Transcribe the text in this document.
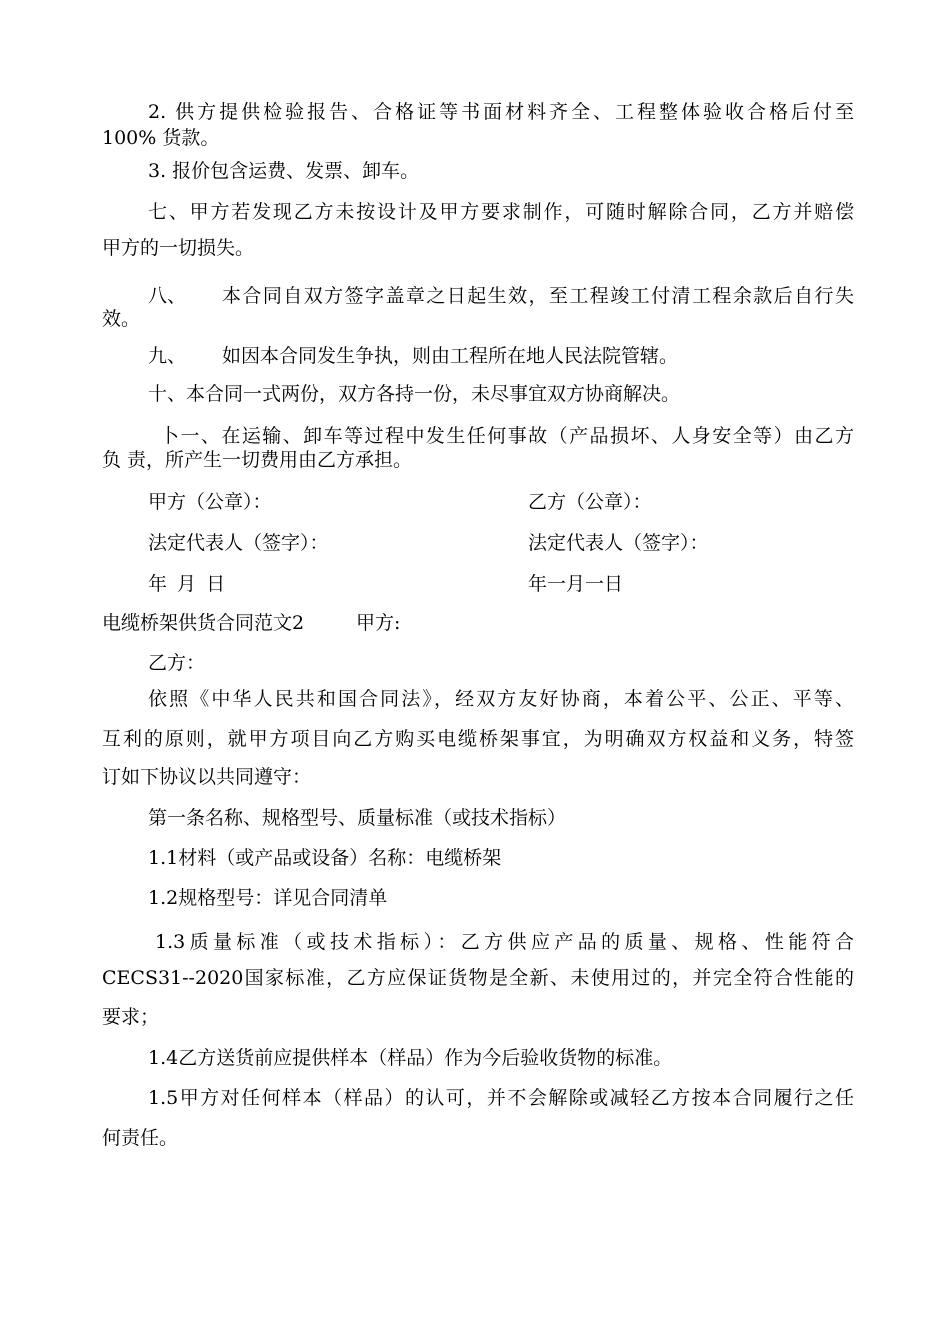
2. 供方提供检验报告、合格证等书面材料齐全、工程整体验收合格后付至
100% 货款。
3. 报价包含运费、发票、卸车。
七、甲方若发现乙方未按设计及甲方要求制作，可随时解除合同，乙方并赔偿
甲方的一切损失。
八、 本合同自双方签字盖章之日起生效，至工程竣工付清工程余款后自行失
效。
九、 如因本合同发生争执，则由工程所在地人民法院管辖。
十、本合同一式两份，双方各持一份，未尽事宜双方协商解决。
卜一、在运输、卸车等过程中发生任何事故（产品损坏、人身安全等）由乙方
负 责，所产生一切费用由乙方承担。
甲方（公章）：	乙方（公章）：
法定代表人（签字）：	法定代表人（签字）：
年 月 日	年一月一日
电缆桥架供货合同范文2	甲方:
乙方：
依照《中华人民共和国合同法》，经双方友好协商，本着公平、公正、平等、
互利的原则，就甲方项目向乙方购买电缆桥架事宜，为明确双方权益和义务，特签
订如下协议以共同遵守：
第一条名称、规格型号、质量标准（或技术指标）
1.1材料（或产品或设备）名称：电缆桥架
1.2规格型号：详见合同清单
1.3质量标准（或技术指标）：乙方供应产品的质量、规格、性能符合
CECS31--2020国家标准，乙方应保证货物是全新、未使用过的，并完全符合性能的
要求；
1.4乙方送货前应提供样本（样品）作为今后验收货物的标准。
1.5甲方对任何样本（样品）的认可，并不会解除或减轻乙方按本合同履行之任
何责任。
